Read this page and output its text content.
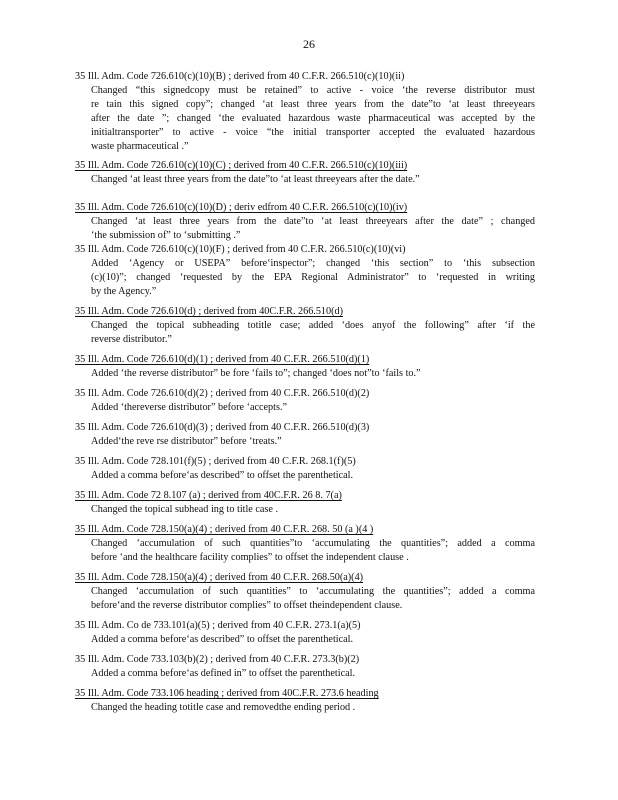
26
35 Ill. Adm. Code 726.610(c)(10)(B) ; derived from 40 C.F.R. 266.510(c)(10)(ii)
Changed “this signedcopy must be retained” to active - voice ‘the reverse distributor must
re tain this signed copy”; changed ‘at least three years from the date”to ‘at least threeyears
after the date ”; changed ‘the evaluated hazardous waste pharmaceutical was accepted by the
initialtransporter” to active - voice “the initial transporter accepted the evaluated hazardous
waste pharmaceutical .”
35 Ill. Adm. Code 726.610(c)(10)(C) ; derived from 40 C.F.R. 266.510(c)(10)(iii)
Changed ‘at least three years from the date”to ‘at least threeyears after the date.”
35 Ill. Adm. Code 726.610(c)(10)(D) ; deriv edfrom 40 C.F.R. 266.510(c)(10)(iv)
Changed ‘at least three years from the date”to ‘at least threeyears after the date” ; changed
‘the submission of” to ‘submitting .”
35 Ill. Adm. Code 726.610(c)(10)(F) ; derived from 40 C.F.R. 266.510(c)(10)(vi)
Added ‘Agency or USEPA” before‘inspector”; changed ‘this section” to ‘this subsection
(c)(10)”; changed ‘requested by the EPA Regional Administrator” to ‘requested in writing
by the Agency.”
35 Ill. Adm. Code 726.610(d) ; derived from 40C.F.R. 266.510(d)
Changed the topical subheading totitle case; added ‘does anyof the following” after ‘if the
reverse distributor.”
35 Ill. Adm. Code 726.610(d)(1) ; derived from 40 C.F.R. 266.510(d)(1)
Added ‘the reverse distributor” be fore ‘fails to”; changed ‘does not”to ‘fails to.”
35 Ill. Adm. Code 726.610(d)(2) ; derived from 40 C.F.R. 266.510(d)(2)
Added ‘thereverse distributor” before ‘accepts.”
35 Ill. Adm. Code 726.610(d)(3) ; derived from 40 C.F.R. 266.510(d)(3)
Added‘the reve rse distributor” before ‘treats.”
35 Ill. Adm. Code 728.101(f)(5) ; derived from 40 C.F.R. 268.1(f)(5)
Added a comma before‘as described” to offset the parenthetical.
35 Ill. Adm. Code 72 8.107 (a) ; derived from 40C.F.R. 26 8. 7(a)
Changed the topical subhead ing to title case .
35 Ill. Adm. Code 728.150(a)(4) ; derived from 40 C.F.R. 268. 50 (a )(4 )
Changed ‘accumulation of such quantities”to ‘accumulating the quantities”; added a comma
before ‘and the healthcare facility complies” to offset the independent clause .
35 Ill. Adm. Code 728.150(a)(4) ; derived from 40 C.F.R. 268.50(a)(4)
Changed ‘accumulation of such quantities” to ‘accumulating the quantities”; added a comma
before‘and the reverse distributor complies” to offset theindependent clause.
35 Ill. Adm. Co de 733.101(a)(5) ; derived from 40 C.F.R. 273.1(a)(5)
Added a comma before‘as described” to offset the parenthetical.
35 Ill. Adm. Code 733.103(b)(2) ; derived from 40 C.F.R. 273.3(b)(2)
Added a comma before‘as defined in” to offset the parenthetical.
35 Ill. Adm. Code 733.106 heading ; derived from 40C.F.R. 273.6 heading
Changed the heading totitle case and removedthe ending period .
